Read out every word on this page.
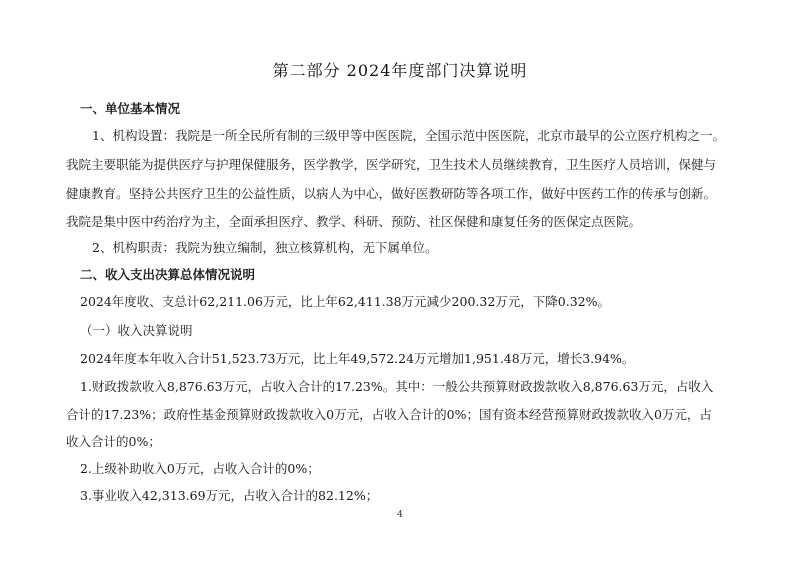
第二部分 2024年度部门决算说明
一、单位基本情况
1、机构设置：我院是一所全民所有制的三级甲等中医医院，全国示范中医医院，北京市最早的公立医疗机构之一。
我院主要职能为提供医疗与护理保健服务，医学教学，医学研究，卫生技术人员继续教育，卫生医疗人员培训，保健与
健康教育。坚持公共医疗卫生的公益性质，以病人为中心，做好医教研防等各项工作，做好中医药工作的传承与创新。
我院是集中医中药治疗为主，全面承担医疗、教学、科研、预防、社区保健和康复任务的医保定点医院。
2、机构职责：我院为独立编制，独立核算机构，无下属单位。
二、收入支出决算总体情况说明
2024年度收、支总计62,211.06万元，比上年62,411.38万元减少200.32万元，下降0.32%。
（一）收入决算说明
2024年度本年收入合计51,523.73万元，比上年49,572.24万元增加1,951.48万元，增长3.94%。
1.财政拨款收入8,876.63万元，占收入合计的17.23%。其中：一般公共预算财政拨款收入8,876.63万元，占收入
合计的17.23%；政府性基金预算财政拨款收入0万元，占收入合计的0%；国有资本经营预算财政拨款收入0万元，占
收入合计的0%；
2.上级补助收入0万元，占收入合计的0%；
3.事业收入42,313.69万元，占收入合计的82.12%；
4
